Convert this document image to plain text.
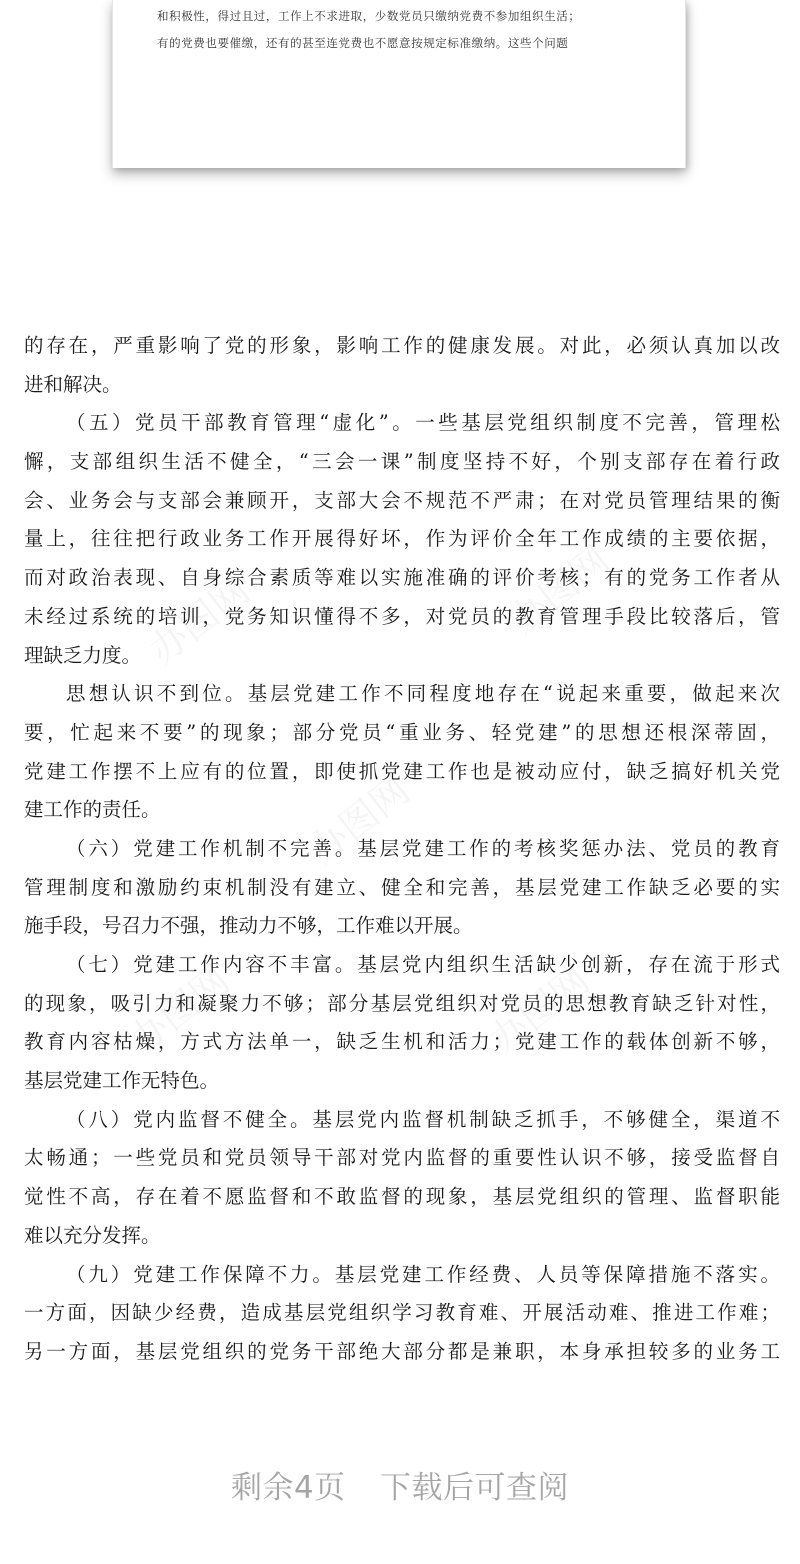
和积极性，得过且过，工作上不求进取，少数党员只缴纳党费不参加组织生活；
有的党费也要催缴，还有的甚至连党费也不愿意按规定标准缴纳。这些个问题
的存在，严重影响了党的形象，影响工作的健康发展。对此，必须认真加以改
进和解决。
（五）党员干部教育管理“虚化”。一些基层党组织制度不完善，管理松
懈，支部组织生活不健全，“三会一课”制度坚持不好，个别支部存在着行政
会、业务会与支部会兼顾开，支部大会不规范不严肃；在对党员管理结果的衡
量上，往往把行政业务工作开展得好坏，作为评价全年工作成绩的主要依据，
而对政治表现、自身综合素质等难以实施准确的评价考核；有的党务工作者从
未经过系统的培训，党务知识懂得不多，对党员的教育管理手段比较落后，管
理缺乏力度。
思想认识不到位。基层党建工作不同程度地存在“说起来重要，做起来次
要，忙起来不要”的现象；部分党员“重业务、轻党建”的思想还根深蒂固，
党建工作摆不上应有的位置，即使抓党建工作也是被动应付，缺乏搞好机关党
建工作的责任。
（六）党建工作机制不完善。基层党建工作的考核奖惩办法、党员的教育
管理制度和激励约束机制没有建立、健全和完善，基层党建工作缺乏必要的实
施手段，号召力不强，推动力不够，工作难以开展。
（七）党建工作内容不丰富。基层党内组织生活缺少创新，存在流于形式
的现象，吸引力和凝聚力不够；部分基层党组织对党员的思想教育缺乏针对性，
教育内容枯燥，方式方法单一，缺乏生机和活力；党建工作的载体创新不够，
基层党建工作无特色。
（八）党内监督不健全。基层党内监督机制缺乏抓手，不够健全，渠道不
太畅通；一些党员和党员领导干部对党内监督的重要性认识不够，接受监督自
觉性不高，存在着不愿监督和不敢监督的现象，基层党组织的管理、监督职能
难以充分发挥。
（九）党建工作保障不力。基层党建工作经费、人员等保障措施不落实。
一方面，因缺少经费，造成基层党组织学习教育难、开展活动难、推进工作难；
另一方面，基层党组织的党务干部绝大部分都是兼职，本身承担较多的业务工
剩余4页 下载后可查阅
